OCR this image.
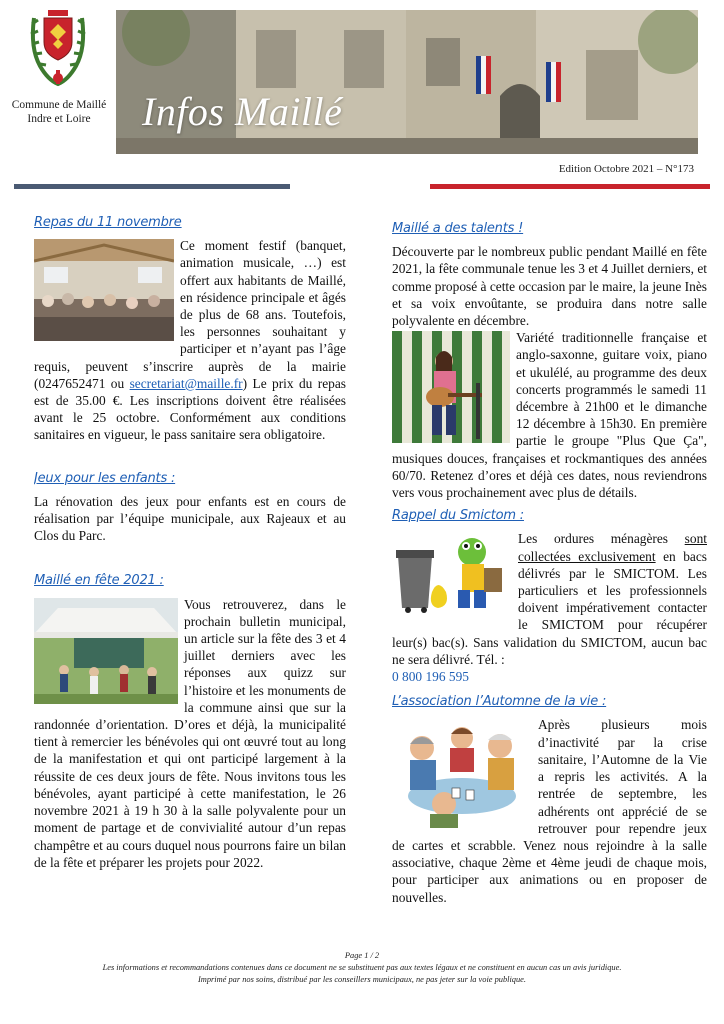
Commune de Maillé
Indre et Loire	Infos Maillé
Edition Octobre 2021 – N°173
Repas du 11 novembre
Ce moment festif (banquet, animation musicale, …) est offert aux habitants de Maillé, en résidence principale et âgés de plus de 68 ans. Toutefois, les personnes souhaitant y participer et n’ayant pas l’âge requis, peuvent s’inscrire auprès de la mairie (0247652471 ou secretariat@maille.fr) Le prix du repas est de 35.00 €. Les inscriptions doivent être réalisées avant le 25 octobre. Conformément aux conditions sanitaires en vigueur, le pass sanitaire sera obligatoire.
Jeux pour les enfants :
La rénovation des jeux pour enfants est en cours de réalisation par l’équipe municipale, aux Rajeaux et au Clos du Parc.
Maillé en fête 2021 :
Vous retrouverez, dans le prochain bulletin municipal, un article sur la fête des 3 et 4 juillet derniers avec les réponses aux quizz sur l’histoire et les monuments de la commune ainsi que sur la randonnée d’orientation. D’ores et déjà, la municipalité tient à remercier les bénévoles qui ont œuvré tout au long de la manifestation et qui ont participé largement à la réussite de ces deux jours de fête. Nous invitons tous les bénévoles, ayant participé à cette manifestation, le 26 novembre 2021 à 19 h 30 à la salle polyvalente pour un moment de partage et de convivialité autour d’un repas champêtre et au cours duquel nous pourrons faire un bilan de la fête et préparer les projets pour 2022.
Maillé a des talents !
Découverte par le nombreux public pendant Maillé en fête 2021, la fête communale tenue les 3 et 4 Juillet derniers, et comme proposé à cette occasion par le maire, la jeune Inès et sa voix envoûtante, se produira dans notre salle polyvalente en décembre.
Variété traditionnelle française et anglo-saxonne, guitare voix, piano et ukulélé, au programme des deux concerts programmés le samedi 11 décembre à 21h00 et le dimanche 12 décembre à 15h30. En première partie le groupe "Plus Que Ça", musiques douces, françaises et rockmantiques des années 60/70. Retenez d’ores et déjà ces dates, nous reviendrons vers vous prochainement avec plus de détails.
Rappel du Smictom :
Les ordures ménagères sont collectées exclusivement en bacs délivrés par le SMICTOM. Les particuliers et les professionnels doivent impérativement contacter le SMICTOM pour récupérer leur(s) bac(s). Sans validation du SMICTOM, aucun bac ne sera délivré. Tél. :
0 800 196 595
L’association l’Automne de la vie :
Après plusieurs mois d’inactivité par la crise sanitaire, l’Automne de la Vie a repris les activités. A la rentrée de septembre, les adhérents ont apprécié de se retrouver pour rependre jeux de cartes et scrabble. Venez nous rejoindre à la salle associative, chaque 2ème et 4ème jeudi de chaque mois, pour participer aux animations ou en proposer de nouvelles.
Page 1 / 2
Les informations et recommandations contenues dans ce document ne se substituent pas aux textes légaux et ne constituent en aucun cas un avis juridique.
Imprimé par nos soins, distribué par les conseillers municipaux, ne pas jeter sur la voie publique.
